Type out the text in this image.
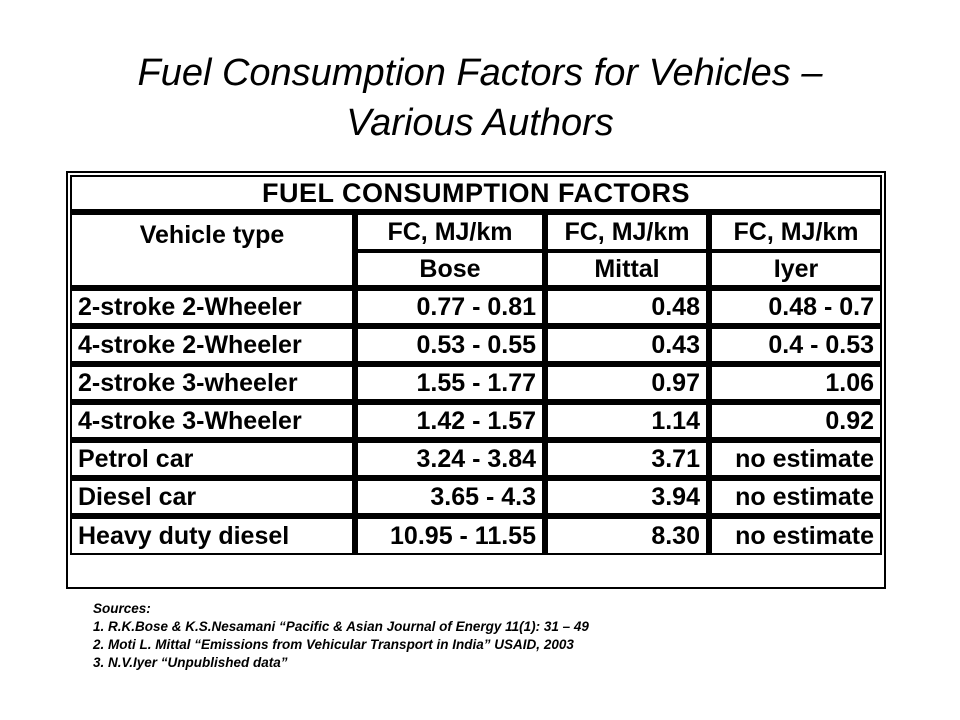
Fuel Consumption Factors for Vehicles –
Various Authors
FUEL CONSUMPTION FACTORS			
Vehicle type	FC, MJ/km	FC, MJ/km	FC, MJ/km
	Bose	Mittal	Iyer
2-stroke 2-Wheeler	0.77 - 0.81	0.48	0.48 - 0.7
4-stroke 2-Wheeler	0.53 - 0.55	0.43	0.4 - 0.53
2-stroke 3-wheeler	1.55 - 1.77	0.97	1.06
4-stroke 3-Wheeler	1.42 - 1.57	1.14	0.92
Petrol car	3.24 - 3.84	3.71	no estimate
Diesel car	3.65 - 4.3	3.94	no estimate
Heavy duty diesel	10.95 - 11.55	8.30	no estimate
Sources:
1. R.K.Bose & K.S.Nesamani “Pacific & Asian Journal of Energy 11(1): 31 – 49
2. Moti L. Mittal “Emissions from Vehicular Transport in India” USAID, 2003
3. N.V.Iyer “Unpublished data”
